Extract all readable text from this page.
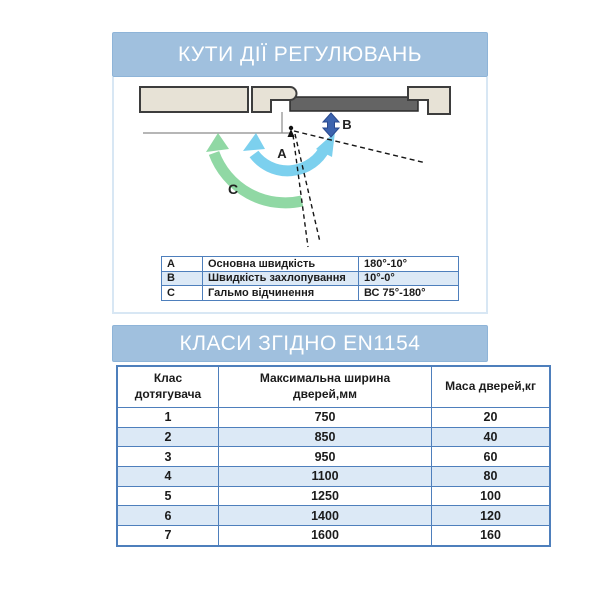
КУТИ ДІЇ РЕГУЛЮВАНЬ
A
B
C
A	Основна швидкість	180°-10°
B	Швидкість захлопування	10°-0°
C	Гальмо відчинення	ВС 75°-180°
КЛАСИ ЗГІДНО EN1154
Клас дотягувача	Максимальна ширина дверей,мм	Маса дверей,кг
1	750	20
2	850	40
3	950	60
4	1100	80
5	1250	100
6	1400	120
7	1600	160
